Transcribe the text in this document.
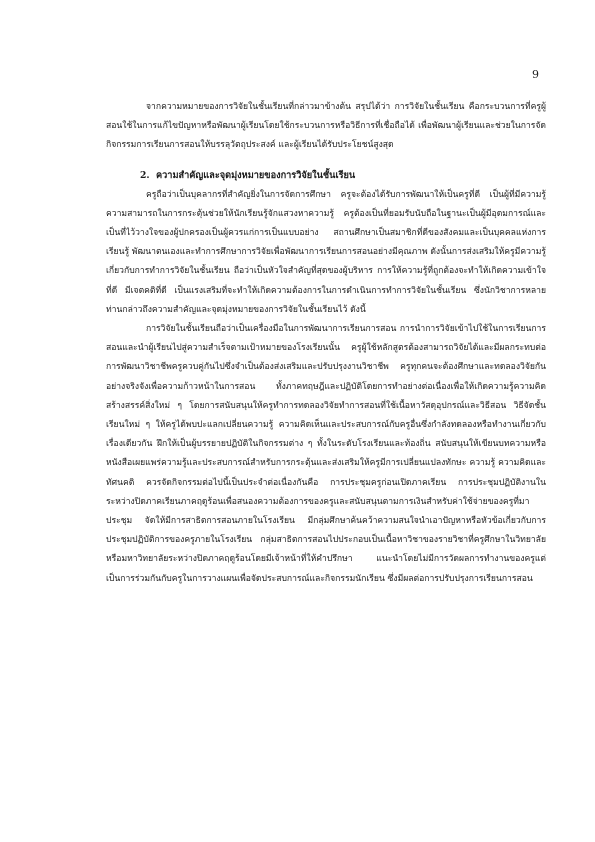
9

จากความหมายของการวิจัยในชั้นเรียนที่กล่าวมาข้างต้น สรุปได้ว่า การวิจัยในชั้นเรียน คือกระบวนการที่ครูผู้สอนใช้ในการแก้ไขปัญหาหรือพัฒนาผู้เรียนโดยใช้กระบวนการหรือวิธีการที่เชื่อถือได้ เพื่อพัฒนาผู้เรียนและช่วยในการจัดกิจกรรมการเรียนการสอนให้บรรลุวัตถุประสงค์ และผู้เรียนได้รับประโยชน์สูงสุด

2. ความสำคัญและจุดมุ่งหมายของการวิจัยในชั้นเรียน

ครูถือว่าเป็นบุคลากรที่สำคัญยิ่งในการจัดการศึกษา ครูจะต้องได้รับการพัฒนาให้เป็นครูที่ดี เป็นผู้ที่มีความรู้ความสามารถในการกระตุ้นช่วยให้นักเรียนรู้จักแสวงหาความรู้ ครูต้องเป็นที่ยอมรับนับถือในฐานะเป็นผู้มีอุดมการณ์และเป็นที่ไว้วางใจของผู้ปกครองเป็นผู้ควรแก่การเป็นแบบอย่าง สถานศึกษาเป็นสมาชิกที่ดีของสังคมและเป็นบุคคลแห่งการเรียนรู้ พัฒนาตนเองและทำการศึกษาการวิจัยเพื่อพัฒนาการเรียนการสอนอย่างมีคุณภาพ ดังนั้นการส่งเสริมให้ครูมีความรู้เกี่ยวกับการทำการวิจัยในชั้นเรียน ถือว่าเป็นหัวใจสำคัญที่สุดของผู้บริหาร การให้ความรู้ที่ถูกต้องจะทำให้เกิดความเข้าใจที่ดี มีเจตคติที่ดี เป็นแรงเสริมที่จะทำให้เกิดความต้องการในการดำเนินการทำการวิจัยในชั้นเรียน ซึ่งนักวิชาการหลายท่านกล่าวถึงความสำคัญและจุดมุ่งหมายของการวิจัยในชั้นเรียนไว้ ดังนี้

การวิจัยในชั้นเรียนถือว่าเป็นเครื่องมือในการพัฒนาการเรียนการสอน การนำการวิจัยเข้าไปใช้ในการเรียนการสอนและนำผู้เรียนไปสู่ความสำเร็จตามเป้าหมายของโรงเรียนนั้น ครูผู้ใช้หลักสูตรต้องสามารถวิจัยได้และมีผลกระทบต่อการพัฒนาวิชาชีพครูควบคู่กันไปซึ่งจำเป็นต้องส่งเสริมและปรับปรุงงานวิชาชีพ ครูทุกคนจะต้องศึกษาและทดลองวิจัยกันอย่างจริงจังเพื่อความก้าวหน้าในการสอน ทั้งภาคทฤษฎีและปฏิบัติโดยการทำอย่างต่อเนื่องเพื่อให้เกิดความรู้ความคิดสร้างสรรค์สิ่งใหม่ ๆ โดยการสนับสนุนให้ครูทำการทดลองวิจัยทำการสอนที่ใช้เนื้อหาวัสดุอุปกรณ์และวิธีสอน วิธีจัดชั้นเรียนใหม่ ๆ ให้ครูได้พบปะแลกเปลี่ยนความรู้ ความคิดเห็นและประสบการณ์กับครูอื่นซึ่งกำลังทดลองหรือทำงานเกี่ยวกับเรื่องเดียวกัน ฝึกให้เป็นผู้บรรยายปฏิบัติในกิจกรรมต่าง ๆ ทั้งในระดับโรงเรียนและท้องถิ่น สนับสนุนให้เขียนบทความหรือหนังสือเผยแพร่ความรู้และประสบการณ์สำหรับการกระตุ้นและส่งเสริมให้ครูมีการเปลี่ยนแปลงทักษะ ความรู้ ความคิดและทัศนคติ ควรจัดกิจกรรมต่อไปนี้เป็นประจำต่อเนื่องกันคือ การประชุมครูก่อนเปิดภาคเรียน การประชุมปฏิบัติงานในระหว่างปิดภาคเรียนภาคฤดูร้อนเพื่อสนองความต้องการของครูและสนับสนุนตามการเงินสำหรับค่าใช้จ่ายของครูที่มาประชุม จัดให้มีการสาธิตการสอนภายในโรงเรียน มีกลุ่มศึกษาค้นคว้าความสนใจนำเอาปัญหาหรือหัวข้อเกี่ยวกับการประชุมปฏิบัติการของครูภายในโรงเรียน กลุ่มสาธิตการสอนไปประกอบเป็นเนื้อหาวิชาของรายวิชาที่ครูศึกษาในวิทยาลัยหรือมหาวิทยาลัยระหว่างปิดภาคฤดูร้อนโดยมีเจ้าหน้าที่ให้คำปรึกษา แนะนำโดยไม่มีการวัดผลการทำงานของครูแต่เป็นการร่วมกันกับครูในการวางแผนเพื่อจัดประสบการณ์และกิจกรรมนักเรียน ซึ่งมีผลต่อการปรับปรุงการเรียนการสอน
